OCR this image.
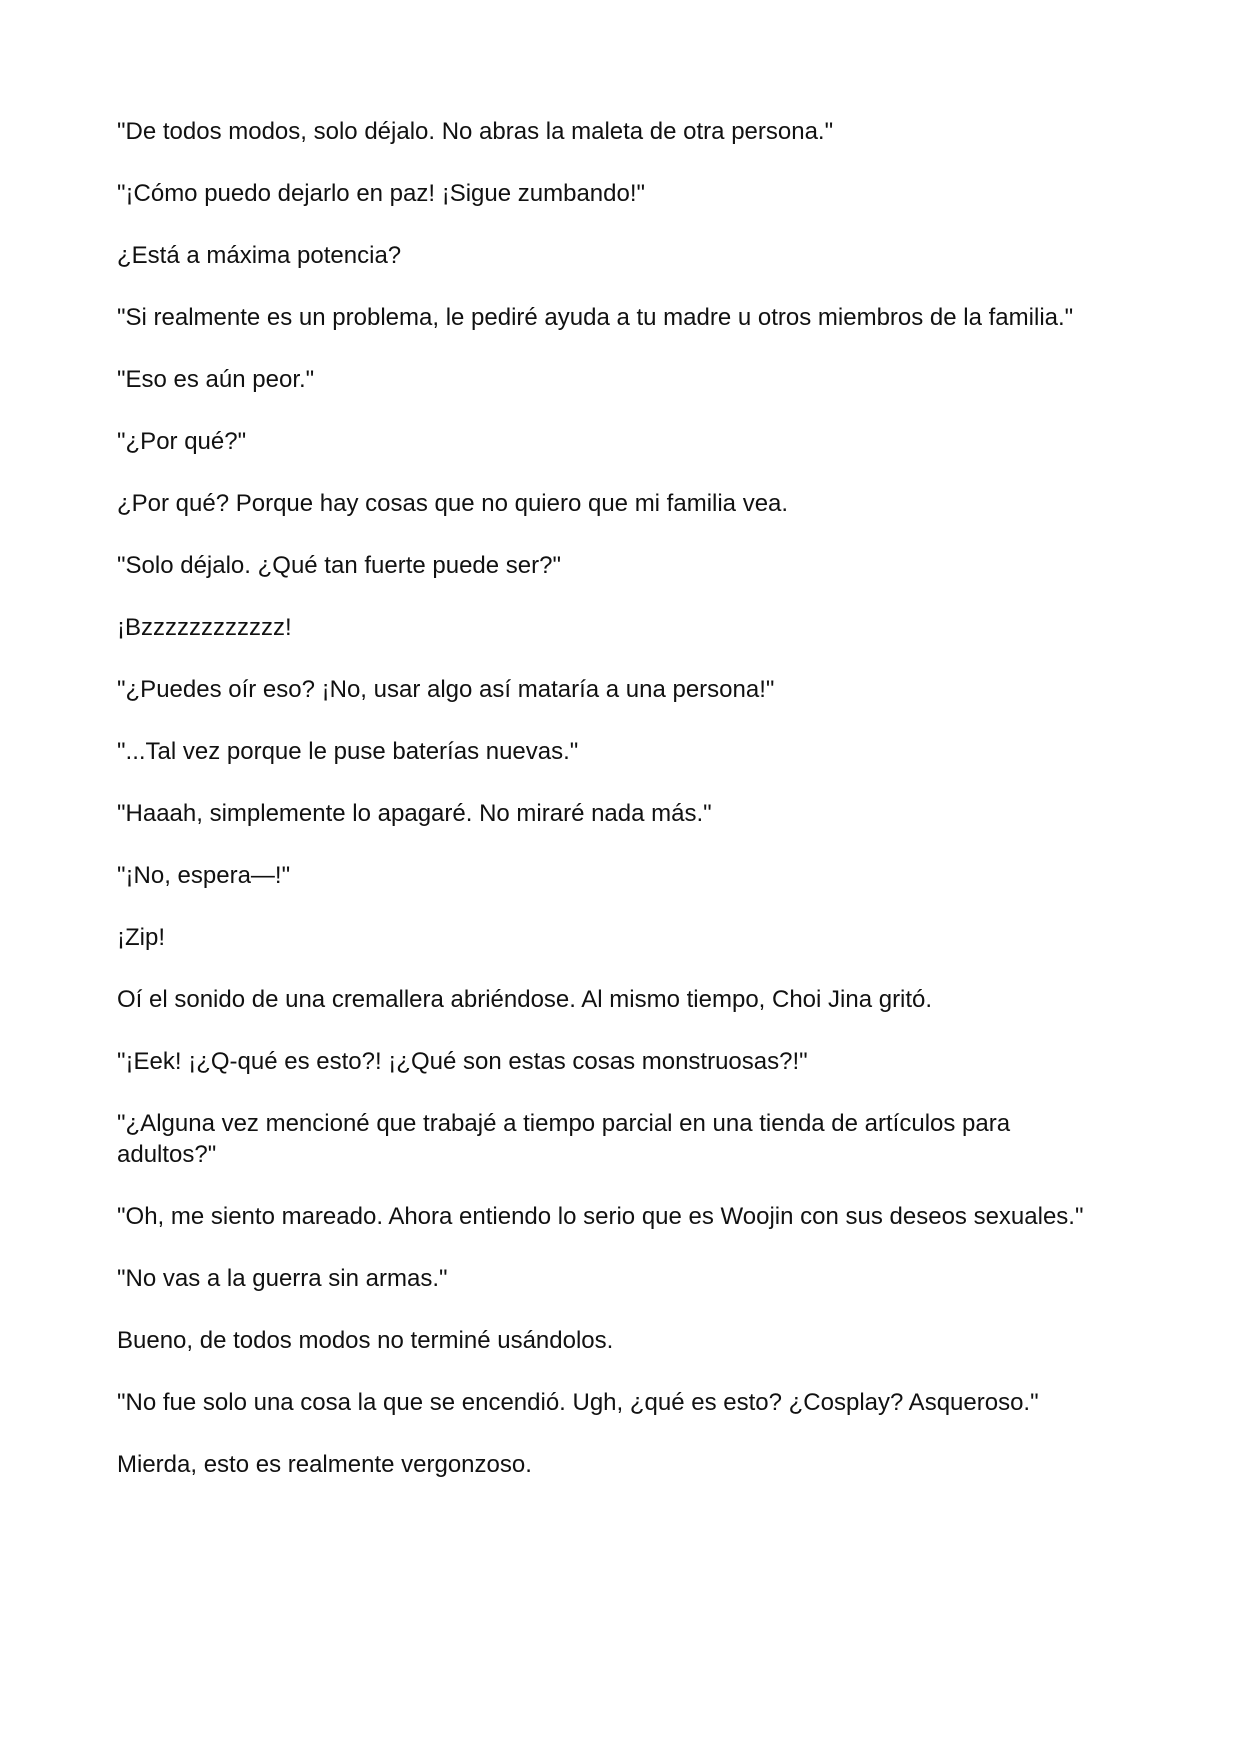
"De todos modos, solo déjalo. No abras la maleta de otra persona."

"¡Cómo puedo dejarlo en paz! ¡Sigue zumbando!"

¿Está a máxima potencia?

"Si realmente es un problema, le pediré ayuda a tu madre u otros miembros de la familia."

"Eso es aún peor."

"¿Por qué?"

¿Por qué? Porque hay cosas que no quiero que mi familia vea.

"Solo déjalo. ¿Qué tan fuerte puede ser?"

¡Bzzzzzzzzzzzz!

"¿Puedes oír eso? ¡No, usar algo así mataría a una persona!"

"...Tal vez porque le puse baterías nuevas."

"Haaah, simplemente lo apagaré. No miraré nada más."

"¡No, espera—!"

¡Zip!

Oí el sonido de una cremallera abriéndose. Al mismo tiempo, Choi Jina gritó.

"¡Eek! ¡¿Q-qué es esto?! ¡¿Qué son estas cosas monstruosas?!"

"¿Alguna vez mencioné que trabajé a tiempo parcial en una tienda de artículos para adultos?"

"Oh, me siento mareado. Ahora entiendo lo serio que es Woojin con sus deseos sexuales."

"No vas a la guerra sin armas."

Bueno, de todos modos no terminé usándolos.

"No fue solo una cosa la que se encendió. Ugh, ¿qué es esto? ¿Cosplay? Asqueroso."

Mierda, esto es realmente vergonzoso.
